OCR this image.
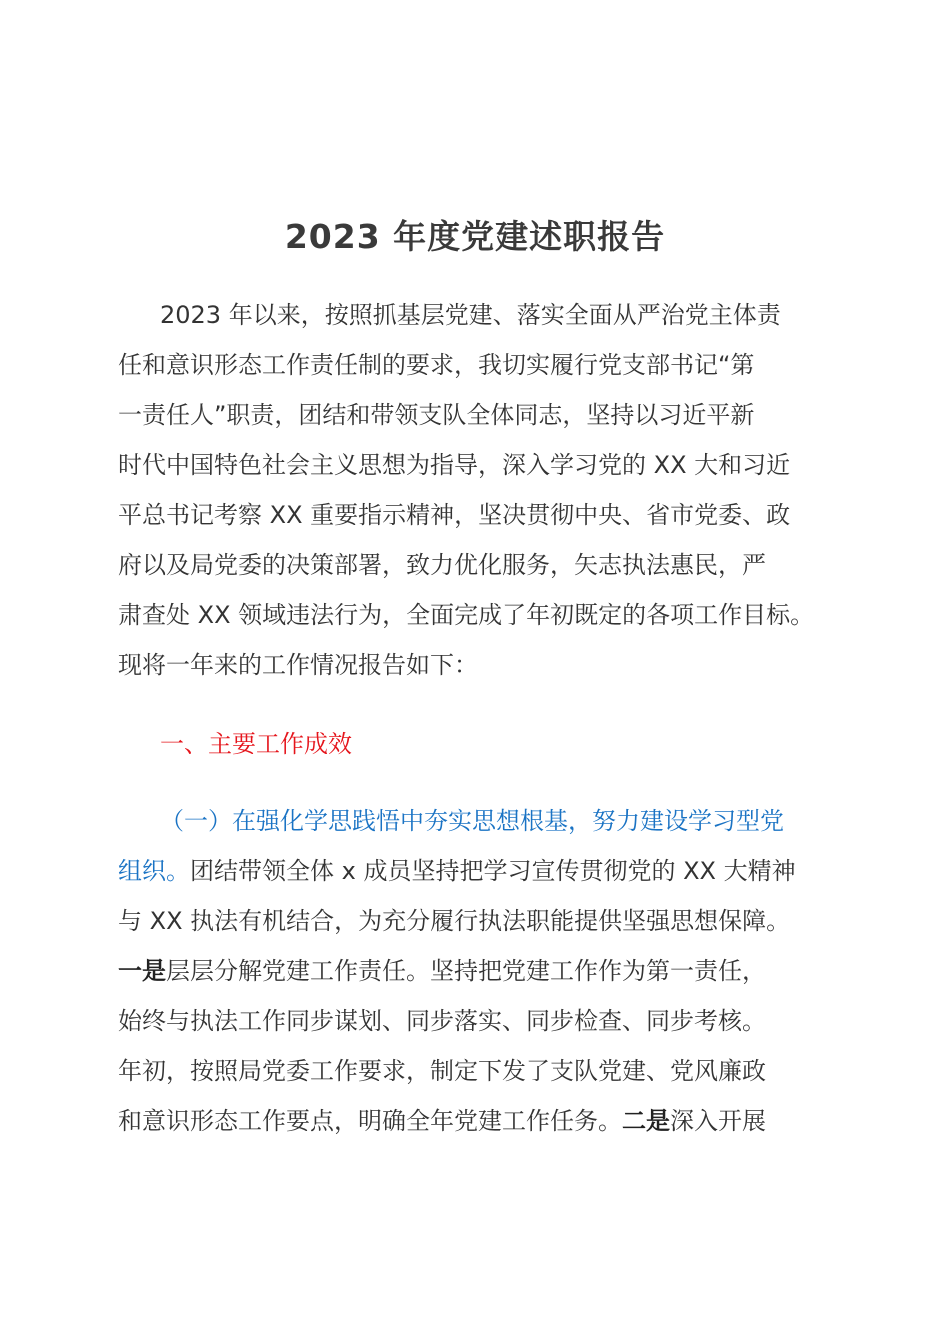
2023 年度党建述职报告
2023 年以来，按照抓基层党建、落实全面从严治党主体责
任和意识形态工作责任制的要求，我切实履行党支部书记“第
一责任人”职责，团结和带领支队全体同志，坚持以习近平新
时代中国特色社会主义思想为指导，深入学习党的 XX 大和习近
平总书记考察 XX 重要指示精神，坚决贯彻中央、省市党委、政
府以及局党委的决策部署，致力优化服务，矢志执法惠民，严
肃查处 XX 领域违法行为，全面完成了年初既定的各项工作目标。
现将一年来的工作情况报告如下：
一、主要工作成效
（一）在强化学思践悟中夯实思想根基，努力建设学习型党
组织。团结带领全体 x 成员坚持把学习宣传贯彻党的 XX 大精神
与 XX 执法有机结合，为充分履行执法职能提供坚强思想保障。
一是层层分解党建工作责任。坚持把党建工作作为第一责任，
始终与执法工作同步谋划、同步落实、同步检查、同步考核。
年初，按照局党委工作要求，制定下发了支队党建、党风廉政
和意识形态工作要点，明确全年党建工作任务。二是深入开展
